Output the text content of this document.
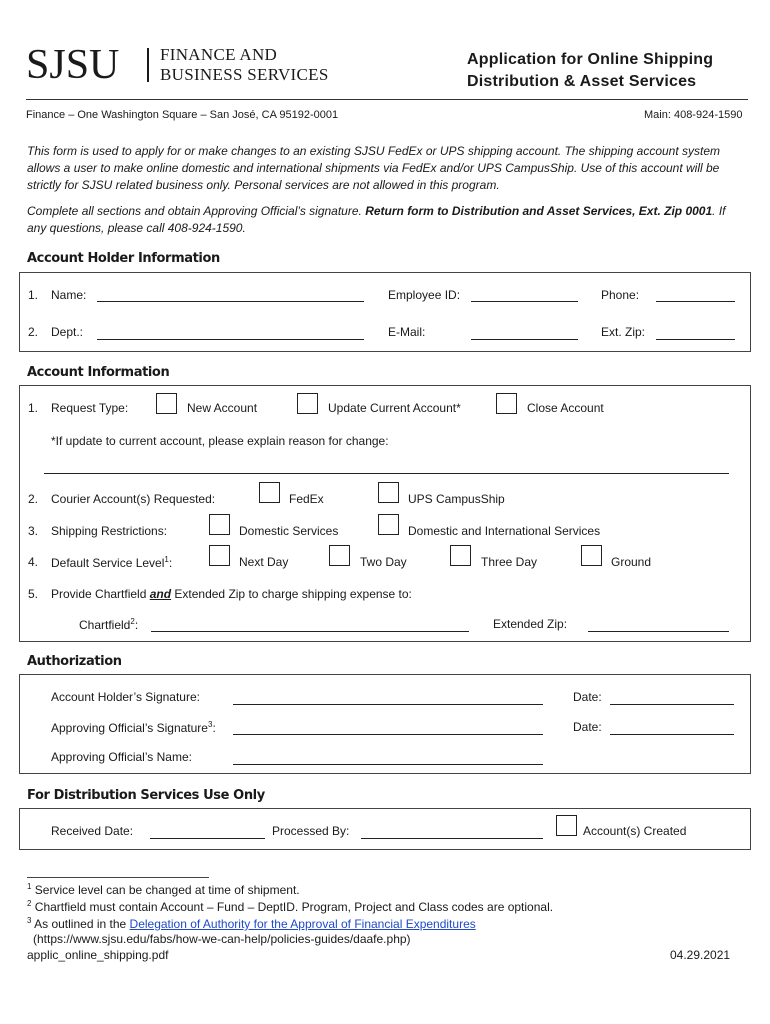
SJSU FINANCE AND
BUSINESS SERVICES
Application for Online Shipping
Distribution & Asset Services
Finance – One Washington Square – San José, CA 95192-0001	Main: 408-924-1590
This form is used to apply for or make changes to an existing SJSU FedEx or UPS shipping account. The shipping account system allows a user to make online domestic and international shipments via FedEx and/or UPS CampusShip. Use of this account will be strictly for SJSU related business only. Personal services are not allowed in this program.
Complete all sections and obtain Approving Official’s signature. Return form to Distribution and Asset Services, Ext. Zip 0001. If any questions, please call 408-924-1590.
Account Holder Information
1. Name:	Employee ID:	Phone:
2. Dept.:	E-Mail:	Ext. Zip:
Account Information
1. Request Type:	New Account	Update Current Account*	Close Account
*If update to current account, please explain reason for change:
2. Courier Account(s) Requested:	FedEx	UPS CampusShip
3. Shipping Restrictions:	Domestic Services	Domestic and International Services
4. Default Service Level$^1$:	Next Day	Two Day	Three Day	Ground
5. Provide Chartfield and Extended Zip to charge shipping expense to:
Chartfield$^2$:	Extended Zip:
Authorization
Account Holder’s Signature:	Date:
Approving Official’s Signature$^3$:	Date:
Approving Official’s Name:
For Distribution Services Use Only
Received Date:	Processed By:	Account(s) Created
$^1$ Service level can be changed at time of shipment.
$^2$ Chartfield must contain Account – Fund – DeptID. Program, Project and Class codes are optional.
$^3$ As outlined in the Delegation of Authority for the Approval of Financial Expenditures
(https://www.sjsu.edu/fabs/how-we-can-help/policies-guides/daafe.php)
applic_online_shipping.pdf	04.29.2021
